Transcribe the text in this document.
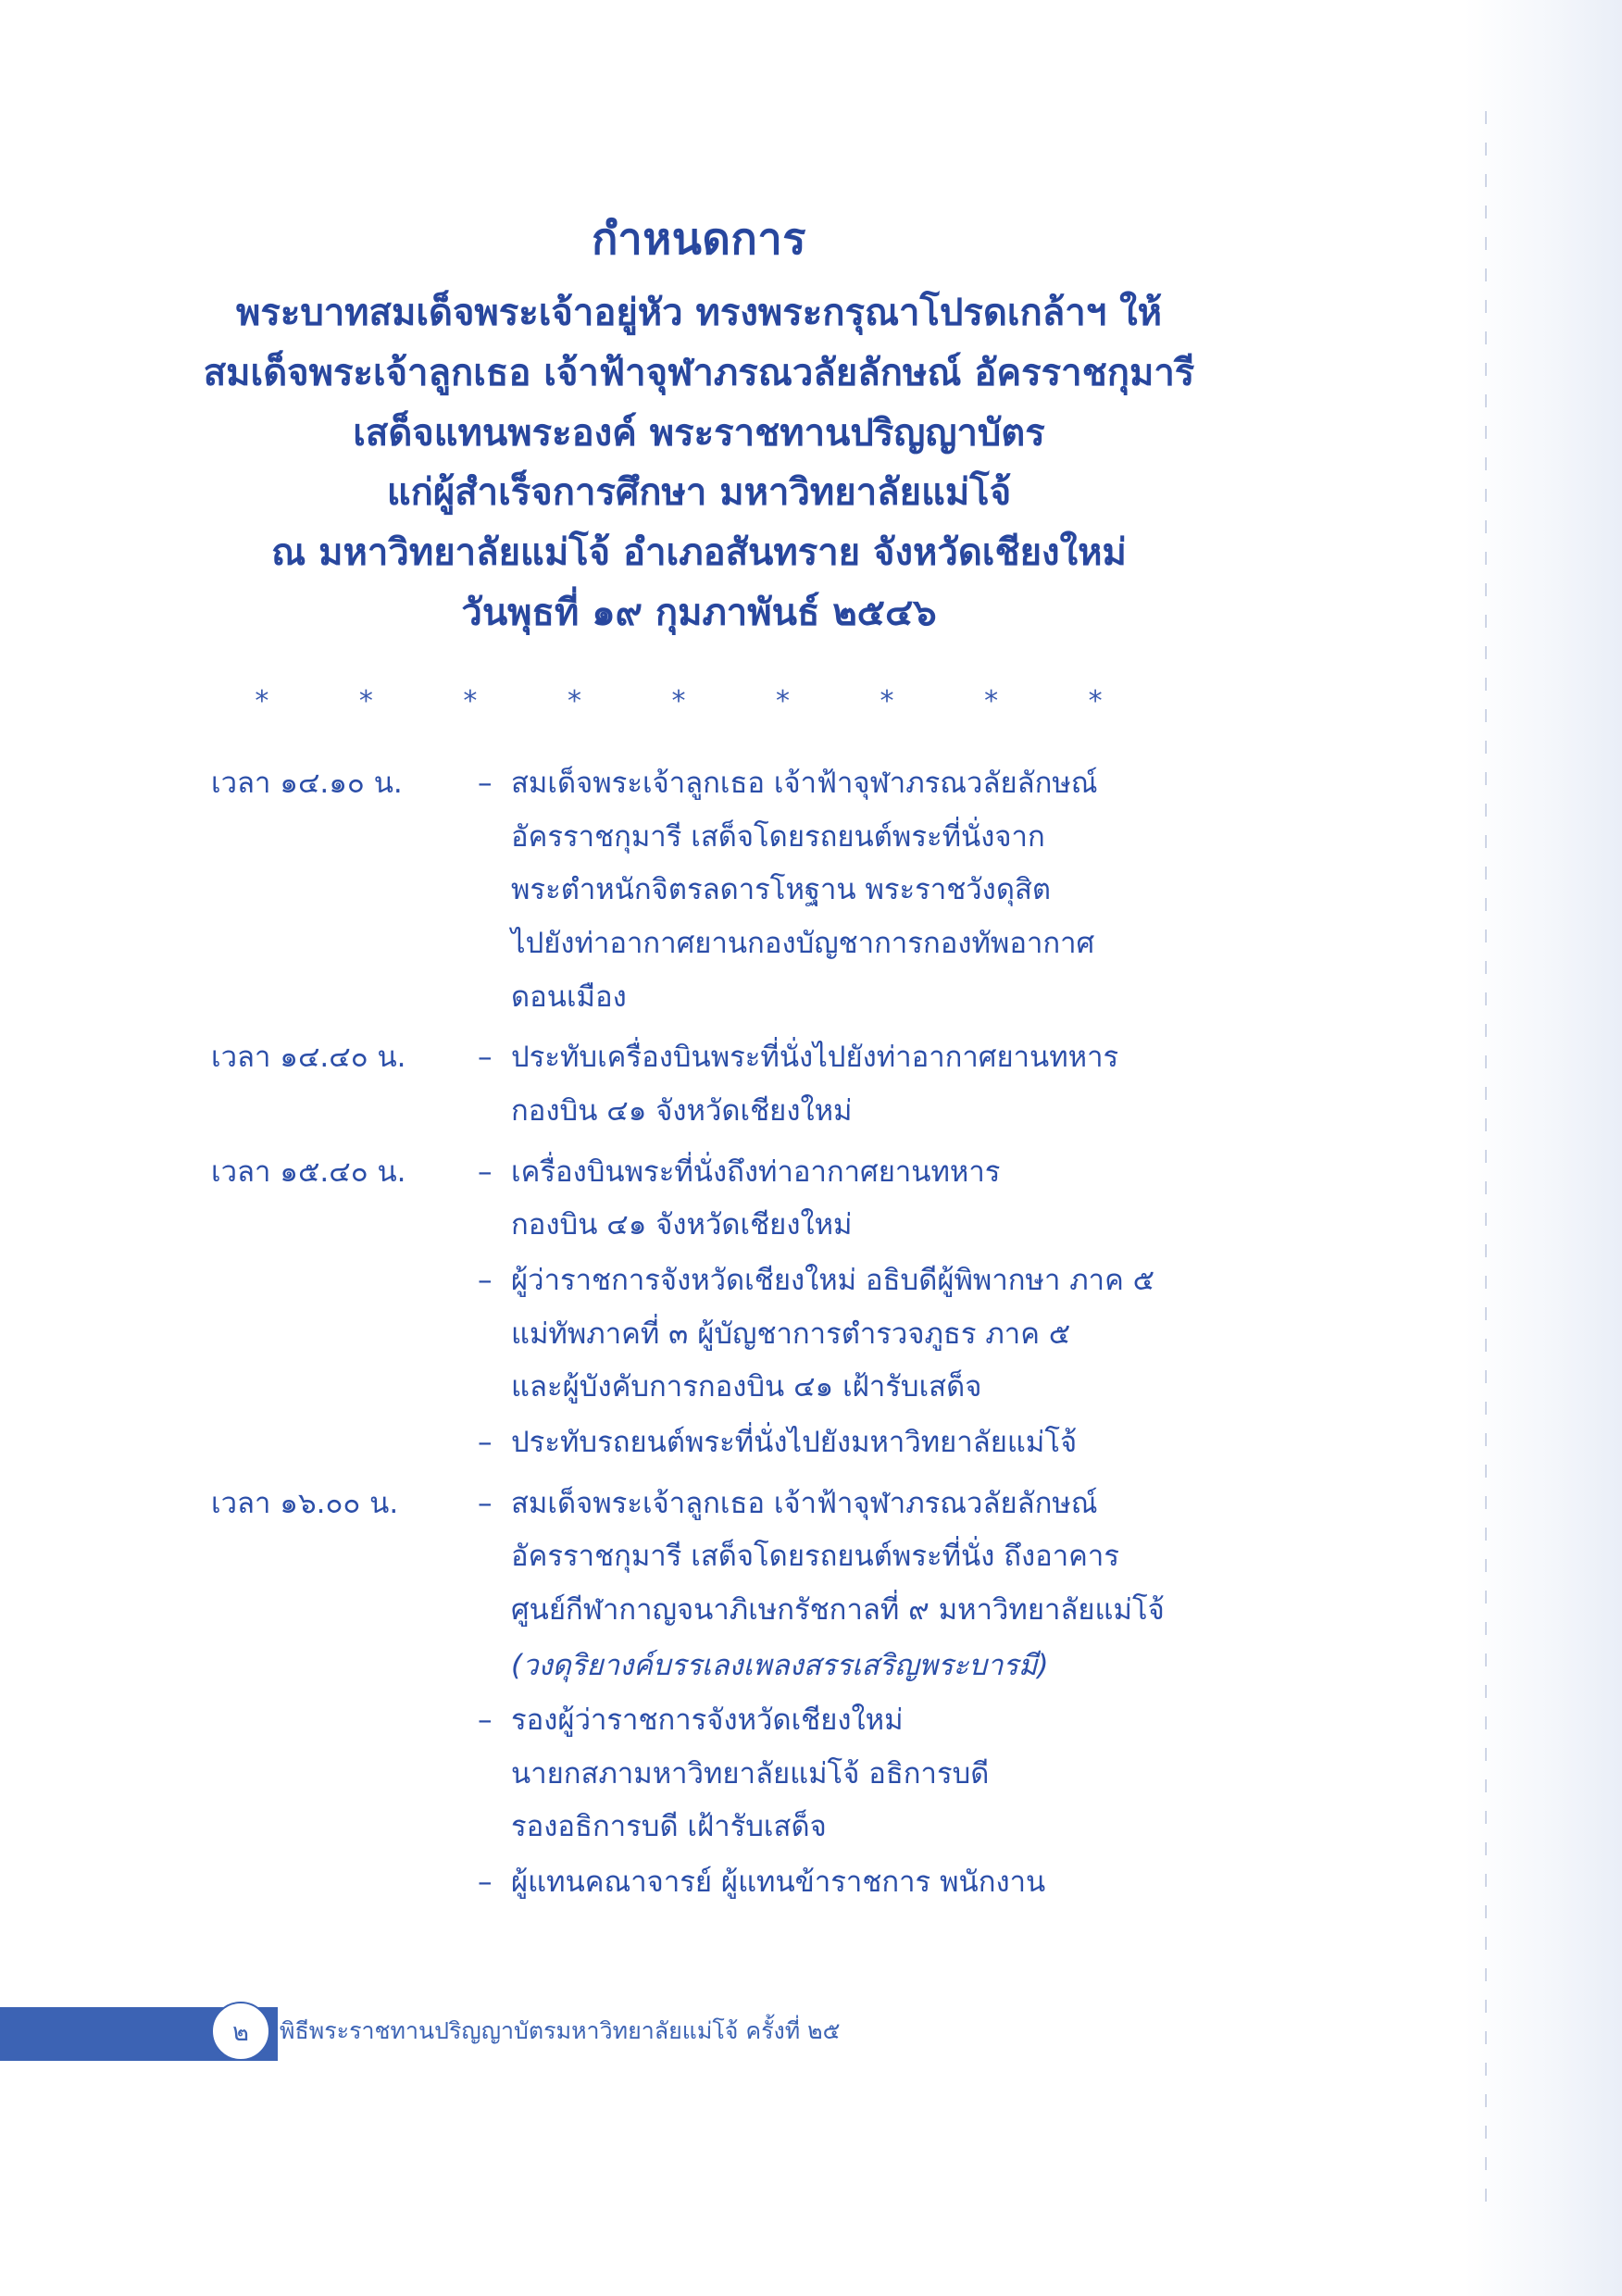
กำหนดการ
พระบาทสมเด็จพระเจ้าอยู่หัว ทรงพระกรุณาโปรดเกล้าฯ ให้
สมเด็จพระเจ้าลูกเธอ เจ้าฟ้าจุฬาภรณวลัยลักษณ์ อัครราชกุมารี
เสด็จแทนพระองค์ พระราชทานปริญญาบัตร
แก่ผู้สำเร็จการศึกษา มหาวิทยาลัยแม่โจ้
ณ มหาวิทยาลัยแม่โจ้ อำเภอสันทราย จังหวัดเชียงใหม่
วันพุธที่ ๑๙ กุมภาพันธ์ ๒๕๔๖
* * * * * * * * *
เวลา ๑๔.๑๐ น.	– สมเด็จพระเจ้าลูกเธอ เจ้าฟ้าจุฬาภรณวลัยลักษณ์
อัครราชกุมารี เสด็จโดยรถยนต์พระที่นั่งจาก
พระตำหนักจิตรลดารโหฐาน พระราชวังดุสิต
ไปยังท่าอากาศยานกองบัญชาการกองทัพอากาศ
ดอนเมือง
เวลา ๑๔.๔๐ น.	– ประทับเครื่องบินพระที่นั่งไปยังท่าอากาศยานทหาร
กองบิน ๔๑ จังหวัดเชียงใหม่
เวลา ๑๕.๔๐ น.	– เครื่องบินพระที่นั่งถึงท่าอากาศยานทหาร
กองบิน ๔๑ จังหวัดเชียงใหม่
– ผู้ว่าราชการจังหวัดเชียงใหม่ อธิบดีผู้พิพากษา ภาค ๕
แม่ทัพภาคที่ ๓ ผู้บัญชาการตำรวจภูธร ภาค ๕
และผู้บังคับการกองบิน ๔๑ เฝ้ารับเสด็จ
– ประทับรถยนต์พระที่นั่งไปยังมหาวิทยาลัยแม่โจ้
เวลา ๑๖.๐๐ น.	– สมเด็จพระเจ้าลูกเธอ เจ้าฟ้าจุฬาภรณวลัยลักษณ์
อัครราชกุมารี เสด็จโดยรถยนต์พระที่นั่ง ถึงอาคาร
ศูนย์กีฬากาญจนาภิเษกรัชกาลที่ ๙ มหาวิทยาลัยแม่โจ้
(วงดุริยางค์บรรเลงเพลงสรรเสริญพระบารมี)
– รองผู้ว่าราชการจังหวัดเชียงใหม่
นายกสภามหาวิทยาลัยแม่โจ้ อธิการบดี
รองอธิการบดี เฝ้ารับเสด็จ
– ผู้แทนคณาจารย์ ผู้แทนข้าราชการ พนักงาน
๒	พิธีพระราชทานปริญญาบัตรมหาวิทยาลัยแม่โจ้ ครั้งที่ ๒๕
